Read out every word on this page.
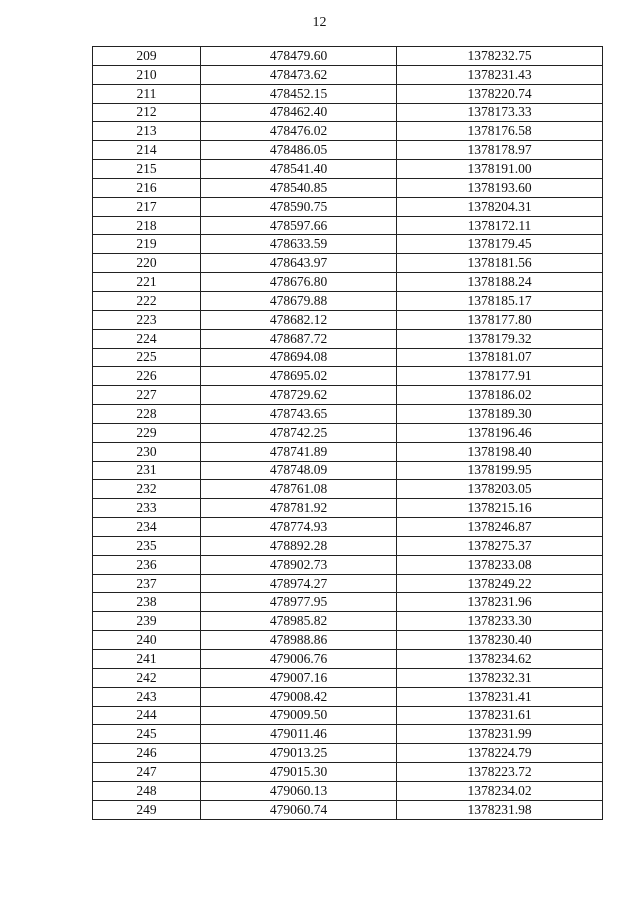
12
209	478479.60	1378232.75
210	478473.62	1378231.43
211	478452.15	1378220.74
212	478462.40	1378173.33
213	478476.02	1378176.58
214	478486.05	1378178.97
215	478541.40	1378191.00
216	478540.85	1378193.60
217	478590.75	1378204.31
218	478597.66	1378172.11
219	478633.59	1378179.45
220	478643.97	1378181.56
221	478676.80	1378188.24
222	478679.88	1378185.17
223	478682.12	1378177.80
224	478687.72	1378179.32
225	478694.08	1378181.07
226	478695.02	1378177.91
227	478729.62	1378186.02
228	478743.65	1378189.30
229	478742.25	1378196.46
230	478741.89	1378198.40
231	478748.09	1378199.95
232	478761.08	1378203.05
233	478781.92	1378215.16
234	478774.93	1378246.87
235	478892.28	1378275.37
236	478902.73	1378233.08
237	478974.27	1378249.22
238	478977.95	1378231.96
239	478985.82	1378233.30
240	478988.86	1378230.40
241	479006.76	1378234.62
242	479007.16	1378232.31
243	479008.42	1378231.41
244	479009.50	1378231.61
245	479011.46	1378231.99
246	479013.25	1378224.79
247	479015.30	1378223.72
248	479060.13	1378234.02
249	479060.74	1378231.98
